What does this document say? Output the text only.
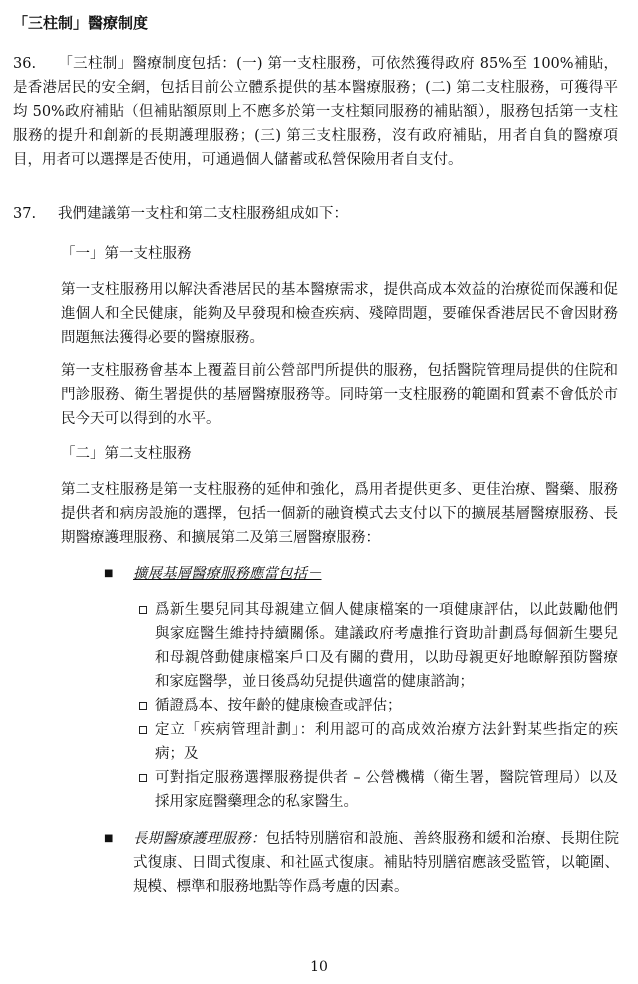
「三柱制」醫療制度
36. 「三柱制」醫療制度包括：(一) 第一支柱服務，可依然獲得政府 85%至 100%補貼，是香港居民的安全網，包括目前公立體系提供的基本醫療服務；(二) 第二支柱服務，可獲得平均 50%政府補貼（但補貼額原則上不應多於第一支柱類同服務的補貼額），服務包括第一支柱服務的提升和創新的長期護理服務；(三) 第三支柱服務，沒有政府補貼，用者自負的醫療項目，用者可以選擇是否使用，可通過個人儲蓄或私營保險用者自支付。
37. 我們建議第一支柱和第二支柱服務組成如下：
「一」第一支柱服務
第一支柱服務用以解決香港居民的基本醫療需求，提供高成本效益的治療從而保護和促進個人和全民健康，能夠及早發現和檢查疾病、殘障問題，要確保香港居民不會因財務問題無法獲得必要的醫療服務。
第一支柱服務會基本上覆蓋目前公營部門所提供的服務，包括醫院管理局提供的住院和門診服務、衛生署提供的基層醫療服務等。同時第一支柱服務的範圍和質素不會低於市民今天可以得到的水平。
「二」第二支柱服務
第二支柱服務是第一支柱服務的延伸和強化，爲用者提供更多、更佳治療、醫藥、服務提供者和病房設施的選擇，包括一個新的融資模式去支付以下的擴展基層醫療服務、長期醫療護理服務、和擴展第二及第三層醫療服務：
■ 擴展基層醫療服務應當包括－
爲新生嬰兒同其母親建立個人健康檔案的一項健康評估，以此鼓勵他們與家庭醫生維持持續關係。建議政府考慮推行資助計劃爲每個新生嬰兒和母親啓動健康檔案戶口及有關的費用，以助母親更好地瞭解預防醫療和家庭醫學，並日後爲幼兒提供適當的健康諮詢；
循證爲本、按年齡的健康檢查或評估；
定立「疾病管理計劃」：利用認可的高成效治療方法針對某些指定的疾病；及
可對指定服務選擇服務提供者 – 公營機構（衛生署，醫院管理局）以及採用家庭醫藥理念的私家醫生。
■ 長期醫療護理服務：包括特別膳宿和設施、善終服務和緩和治療、長期住院式復康、日間式復康、和社區式復康。補貼特別膳宿應該受監管，以範圍、規模、標準和服務地點等作爲考慮的因素。
10
